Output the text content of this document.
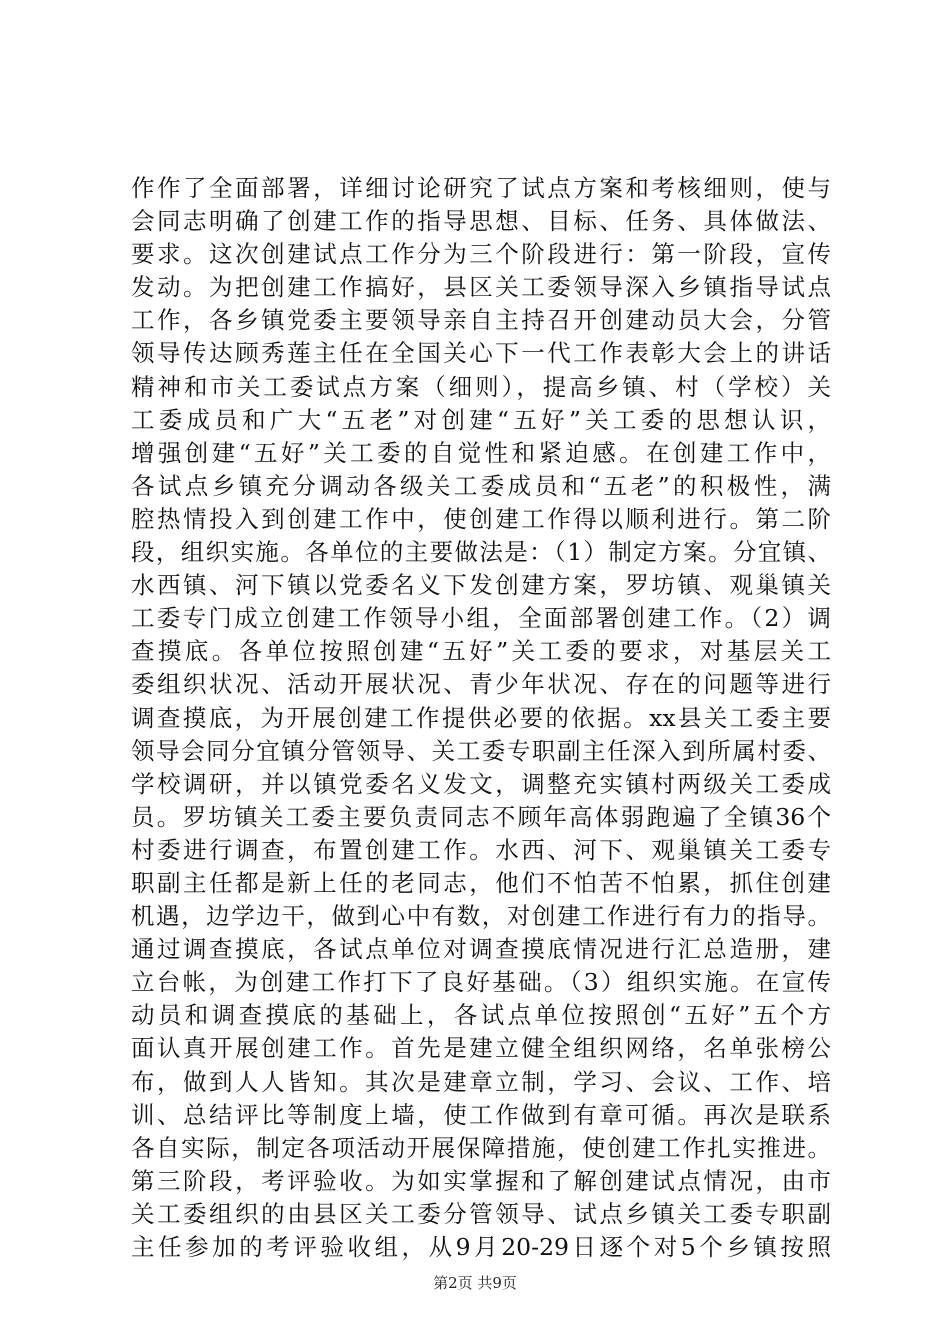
作作了全面部署，详细讨论研究了试点方案和考核细则，使与
会同志明确了创建工作的指导思想、目标、任务、具体做法、
要求。这次创建试点工作分为三个阶段进行：第一阶段，宣传
发动。为把创建工作搞好，县区关工委领导深入乡镇指导试点
工作，各乡镇党委主要领导亲自主持召开创建动员大会，分管
领导传达顾秀莲主任在全国关心下一代工作表彰大会上的讲话
精神和市关工委试点方案（细则），提高乡镇、村（学校）关
工委成员和广大“五老”对创建“五好”关工委的思想认识，
增强创建“五好”关工委的自觉性和紧迫感。在创建工作中，
各试点乡镇充分调动各级关工委成员和“五老”的积极性，满
腔热情投入到创建工作中，使创建工作得以顺利进行。第二阶
段，组织实施。各单位的主要做法是：（1）制定方案。分宜镇、
水西镇、河下镇以党委名义下发创建方案，罗坊镇、观巢镇关
工委专门成立创建工作领导小组，全面部署创建工作。（2）调
查摸底。各单位按照创建“五好”关工委的要求，对基层关工
委组织状况、活动开展状况、青少年状况、存在的问题等进行
调查摸底，为开展创建工作提供必要的依据。xx县关工委主要
领导会同分宜镇分管领导、关工委专职副主任深入到所属村委、
学校调研，并以镇党委名义发文，调整充实镇村两级关工委成
员。罗坊镇关工委主要负责同志不顾年高体弱跑遍了全镇36个
村委进行调查，布置创建工作。水西、河下、观巢镇关工委专
职副主任都是新上任的老同志，他们不怕苦不怕累，抓住创建
机遇，边学边干，做到心中有数，对创建工作进行有力的指导。
通过调查摸底，各试点单位对调查摸底情况进行汇总造册，建
立台帐，为创建工作打下了良好基础。（3）组织实施。在宣传
动员和调查摸底的基础上，各试点单位按照创“五好”五个方
面认真开展创建工作。首先是建立健全组织网络，名单张榜公
布，做到人人皆知。其次是建章立制，学习、会议、工作、培
训、总结评比等制度上墙，使工作做到有章可循。再次是联系
各自实际，制定各项活动开展保障措施，使创建工作扎实推进。
第三阶段，考评验收。为如实掌握和了解创建试点情况，由市
关工委组织的由县区关工委分管领导、试点乡镇关工委专职副
主任参加的考评验收组，从9月20-29日逐个对5个乡镇按照
第2页 共9页
